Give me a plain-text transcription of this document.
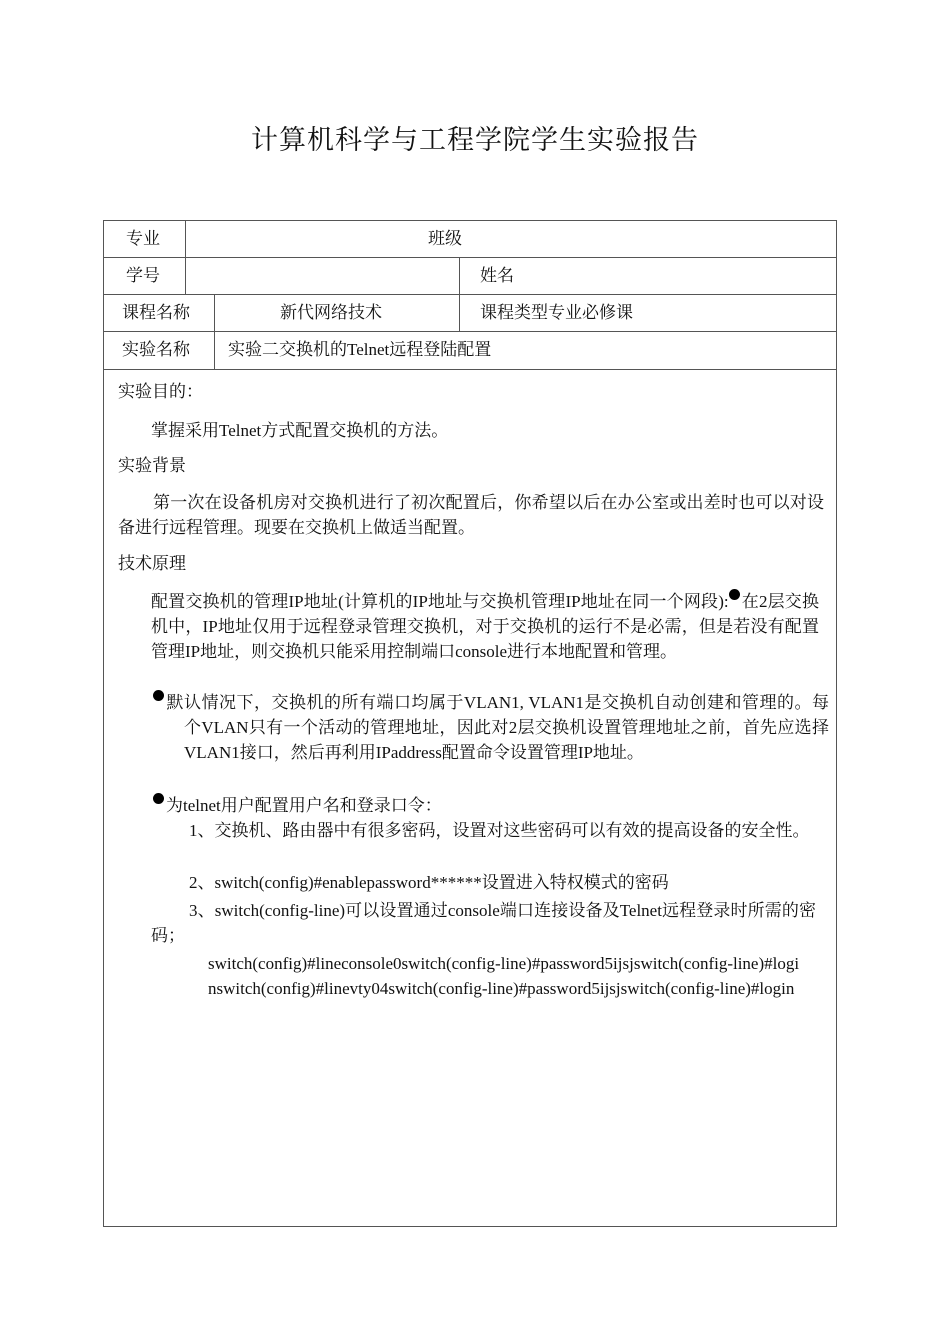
计算机科学与工程学院学生实验报告
专业	班级
学号	姓名
课程名称	新代网络技术	课程类型专业必修课
实验名称 实验二交换机的Telnet远程登陆配置
实验目的：
掌握采用Telnet方式配置交换机的方法。
实验背景
第一次在设备机房对交换机进行了初次配置后，你希望以后在办公室或出差时也可以对设备进行远程管理。现要在交换机上做适当配置。
技术原理
配置交换机的管理IP地址(计算机的IP地址与交换机管理IP地址在同一个网段): 在2层交换机中，IP地址仅用于远程登录管理交换机，对于交换机的运行不是必需，但是若没有配置管理IP地址，则交换机只能采用控制端口console进行本地配置和管理。
默认情况下，交换机的所有端口均属于VLAN1, VLAN1是交换机自动创建和管理的。每个VLAN只有一个活动的管理地址，因此对2层交换机设置管理地址之前，首先应选择VLAN1接口，然后再利用IPaddress配置命令设置管理IP地址。
为telnet用户配置用户名和登录口令：
1、交换机、路由器中有很多密码，设置对这些密码可以有效的提高设备的安全性。
2、switch(config)#enablepassword******设置进入特权模式的密码
3、switch(config-line)可以设置通过console端口连接设备及Telnet远程登录时所需的密码；
switch(config)#lineconsole0switch(config-line)#password5ijsjswitch(config-line)#loginswitch(config)#linevty04switch(config-line)#password5ijsjswitch(config-line)#login
